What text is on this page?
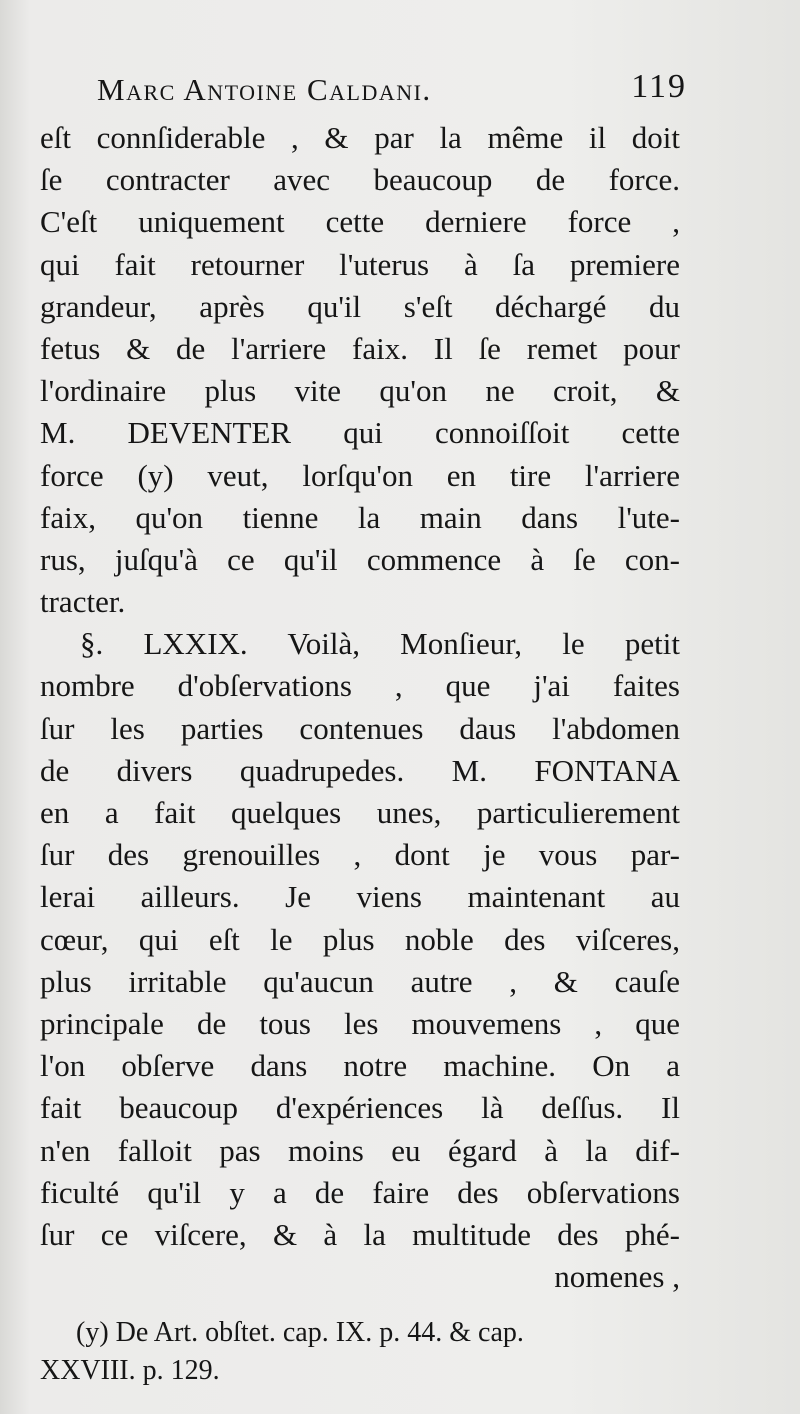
Marc Antoine Caldani.	119
eſt connſiderable , & par la même il doit
ſe contracter avec beaucoup de force.
C'eſt uniquement cette derniere force ,
qui fait retourner l'uterus à ſa premiere
grandeur, après qu'il s'eſt déchargé du
fetus & de l'arriere faix. Il ſe remet pour
l'ordinaire plus vite qu'on ne croit, &
M. DEVENTER qui connoiſſoit cette
force (y) veut, lorſqu'on en tire l'arriere
faix, qu'on tienne la main dans l'ute-
rus, juſqu'à ce qu'il commence à ſe con-
tracter.
§. LXXIX. Voilà, Monſieur, le petit
nombre d'obſervations , que j'ai faites
ſur les parties contenues daus l'abdomen
de divers quadrupedes. M. FONTANA
en a fait quelques unes, particulierement
ſur des grenouilles , dont je vous par-
lerai ailleurs. Je viens maintenant au
cœur, qui eſt le plus noble des viſceres,
plus irritable qu'aucun autre , & cauſe
principale de tous les mouvemens , que
l'on obſerve dans notre machine. On a
fait beaucoup d'expériences là deſſus. Il
n'en falloit pas moins eu égard à la dif-
ficulté qu'il y a de faire des obſervations
ſur ce viſcere, & à la multitude des phé-
nomenes ,
(y) De Art. obſtet. cap. IX. p. 44. & cap.
XXVIII. p. 129.
